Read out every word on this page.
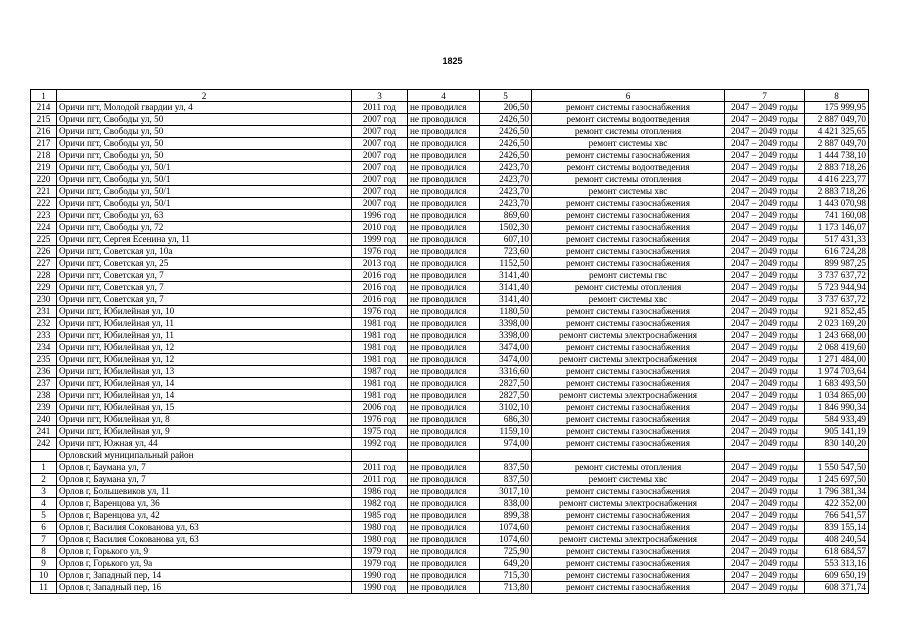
1825
1	2	3	4	5	6	7	8
214	Оричи пгт, Молодой гвардии ул, 4	2011 год	не проводился	206,50	ремонт системы газоснабжения	2047 – 2049 годы	175 999,95
215	Оричи пгт, Свободы ул, 50	2007 год	не проводился	2426,50	ремонт системы водоотведения	2047 – 2049 годы	2 887 049,70
216	Оричи пгт, Свободы ул, 50	2007 год	не проводился	2426,50	ремонт системы отопления	2047 – 2049 годы	4 421 325,65
217	Оричи пгт, Свободы ул, 50	2007 год	не проводился	2426,50	ремонт системы хвс	2047 – 2049 годы	2 887 049,70
218	Оричи пгт, Свободы ул, 50	2007 год	не проводился	2426,50	ремонт системы газоснабжения	2047 – 2049 годы	1 444 738,10
219	Оричи пгт, Свободы ул, 50/1	2007 год	не проводился	2423,70	ремонт системы водоотведения	2047 – 2049 годы	2 883 718,26
220	Оричи пгт, Свободы ул, 50/1	2007 год	не проводился	2423,70	ремонт системы отопления	2047 – 2049 годы	4 416 223,77
221	Оричи пгт, Свободы ул, 50/1	2007 год	не проводился	2423,70	ремонт системы хвс	2047 – 2049 годы	2 883 718,26
222	Оричи пгт, Свободы ул, 50/1	2007 год	не проводился	2423,70	ремонт системы газоснабжения	2047 – 2049 годы	1 443 070,98
223	Оричи пгт, Свободы ул, 63	1996 год	не проводился	869,60	ремонт системы газоснабжения	2047 – 2049 годы	741 160,08
224	Оричи пгт, Свободы ул, 72	2010 год	не проводился	1502,30	ремонт системы газоснабжения	2047 – 2049 годы	1 173 146,07
225	Оричи пгт, Сергея Есенина ул, 11	1999 год	не проводился	607,10	ремонт системы газоснабжения	2047 – 2049 годы	517 431,33
226	Оричи пгт, Советская ул, 10а	1976 год	не проводился	723,60	ремонт системы газоснабжения	2047 – 2049 годы	616 724,28
227	Оричи пгт, Советская ул, 25	2013 год	не проводился	1152,50	ремонт системы газоснабжения	2047 – 2049 годы	899 987,25
228	Оричи пгт, Советская ул, 7	2016 год	не проводился	3141,40	ремонт системы гвс	2047 – 2049 годы	3 737 637,72
229	Оричи пгт, Советская ул, 7	2016 год	не проводился	3141,40	ремонт системы отопления	2047 – 2049 годы	5 723 944,94
230	Оричи пгт, Советская ул, 7	2016 год	не проводился	3141,40	ремонт системы хвс	2047 – 2049 годы	3 737 637,72
231	Оричи пгт, Юбилейная ул, 10	1976 год	не проводился	1180,50	ремонт системы газоснабжения	2047 – 2049 годы	921 852,45
232	Оричи пгт, Юбилейная ул, 11	1981 год	не проводился	3398,00	ремонт системы газоснабжения	2047 – 2049 годы	2 023 169,20
233	Оричи пгт, Юбилейная ул, 11	1981 год	не проводился	3398,00	ремонт системы электроснабжения	2047 – 2049 годы	1 243 668,00
234	Оричи пгт, Юбилейная ул, 12	1981 год	не проводился	3474,00	ремонт системы газоснабжения	2047 – 2049 годы	2 068 419,60
235	Оричи пгт, Юбилейная ул, 12	1981 год	не проводился	3474,00	ремонт системы электроснабжения	2047 – 2049 годы	1 271 484,00
236	Оричи пгт, Юбилейная ул, 13	1987 год	не проводился	3316,60	ремонт системы газоснабжения	2047 – 2049 годы	1 974 703,64
237	Оричи пгт, Юбилейная ул, 14	1981 год	не проводился	2827,50	ремонт системы газоснабжения	2047 – 2049 годы	1 683 493,50
238	Оричи пгт, Юбилейная ул, 14	1981 год	не проводился	2827,50	ремонт системы электроснабжения	2047 – 2049 годы	1 034 865,00
239	Оричи пгт, Юбилейная ул, 15	2006 год	не проводился	3102,10	ремонт системы газоснабжения	2047 – 2049 годы	1 846 990,34
240	Оричи пгт, Юбилейная ул, 8	1976 год	не проводился	686,30	ремонт системы газоснабжения	2047 – 2049 годы	584 933,49
241	Оричи пгт, Юбилейная ул, 9	1975 год	не проводился	1159,10	ремонт системы газоснабжения	2047 – 2049 годы	905 141,19
242	Оричи пгт, Южная ул, 44	1992 год	не проводился	974,00	ремонт системы газоснабжения	2047 – 2049 годы	830 140,20
	Орловский муниципальный район						
1	Орлов г, Баумана ул, 7	2011 год	не проводился	837,50	ремонт системы отопления	2047 – 2049 годы	1 550 547,50
2	Орлов г, Баумана ул, 7	2011 год	не проводился	837,50	ремонт системы хвс	2047 – 2049 годы	1 245 697,50
3	Орлов г, Большевиков ул, 11	1986 год	не проводился	3017,10	ремонт системы газоснабжения	2047 – 2049 годы	1 796 381,34
4	Орлов г, Варенцова ул, 36	1982 год	не проводился	838,00	ремонт системы электроснабжения	2047 – 2049 годы	422 352,00
5	Орлов г, Варенцова ул, 42	1985 год	не проводился	899,38	ремонт системы газоснабжения	2047 – 2049 годы	766 541,57
6	Орлов г, Василия Сокованова ул, 63	1980 год	не проводился	1074,60	ремонт системы газоснабжения	2047 – 2049 годы	839 155,14
7	Орлов г, Василия Сокованова ул, 63	1980 год	не проводился	1074,60	ремонт системы электроснабжения	2047 – 2049 годы	408 240,54
8	Орлов г, Горького ул, 9	1979 год	не проводился	725,90	ремонт системы газоснабжения	2047 – 2049 годы	618 684,57
9	Орлов г, Горького ул, 9а	1979 год	не проводился	649,20	ремонт системы газоснабжения	2047 – 2049 годы	553 313,16
10	Орлов г, Западный пер, 14	1990 год	не проводился	715,30	ремонт системы газоснабжения	2047 – 2049 годы	609 650,19
11	Орлов г, Западный пер, 16	1990 год	не проводился	713,80	ремонт системы газоснабжения	2047 – 2049 годы	608 371,74
